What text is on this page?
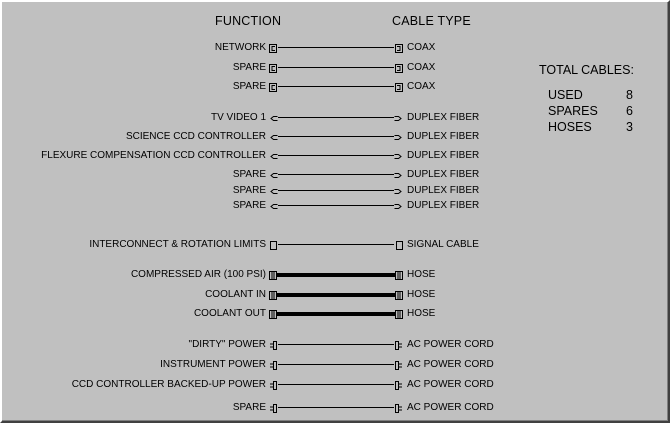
FUNCTION	CABLE TYPE
NETWORK	COAX
SPARE	COAX
SPARE	COAX
TV VIDEO 1	DUPLEX FIBER
SCIENCE CCD CONTROLLER	DUPLEX FIBER
FLEXURE COMPENSATION CCD CONTROLLER	DUPLEX FIBER
SPARE	DUPLEX FIBER
SPARE	DUPLEX FIBER
SPARE	DUPLEX FIBER
INTERCONNECT & ROTATION LIMITS	SIGNAL CABLE
COMPRESSED AIR (100 PSI)	HOSE
COOLANT IN	HOSE
COOLANT OUT	HOSE
"DIRTY" POWER	AC POWER CORD
INSTRUMENT POWER	AC POWER CORD
CCD CONTROLLER BACKED-UP POWER	AC POWER CORD
SPARE	AC POWER CORD
TOTAL CABLES:
USED	8
SPARES 6
HOSES	3
